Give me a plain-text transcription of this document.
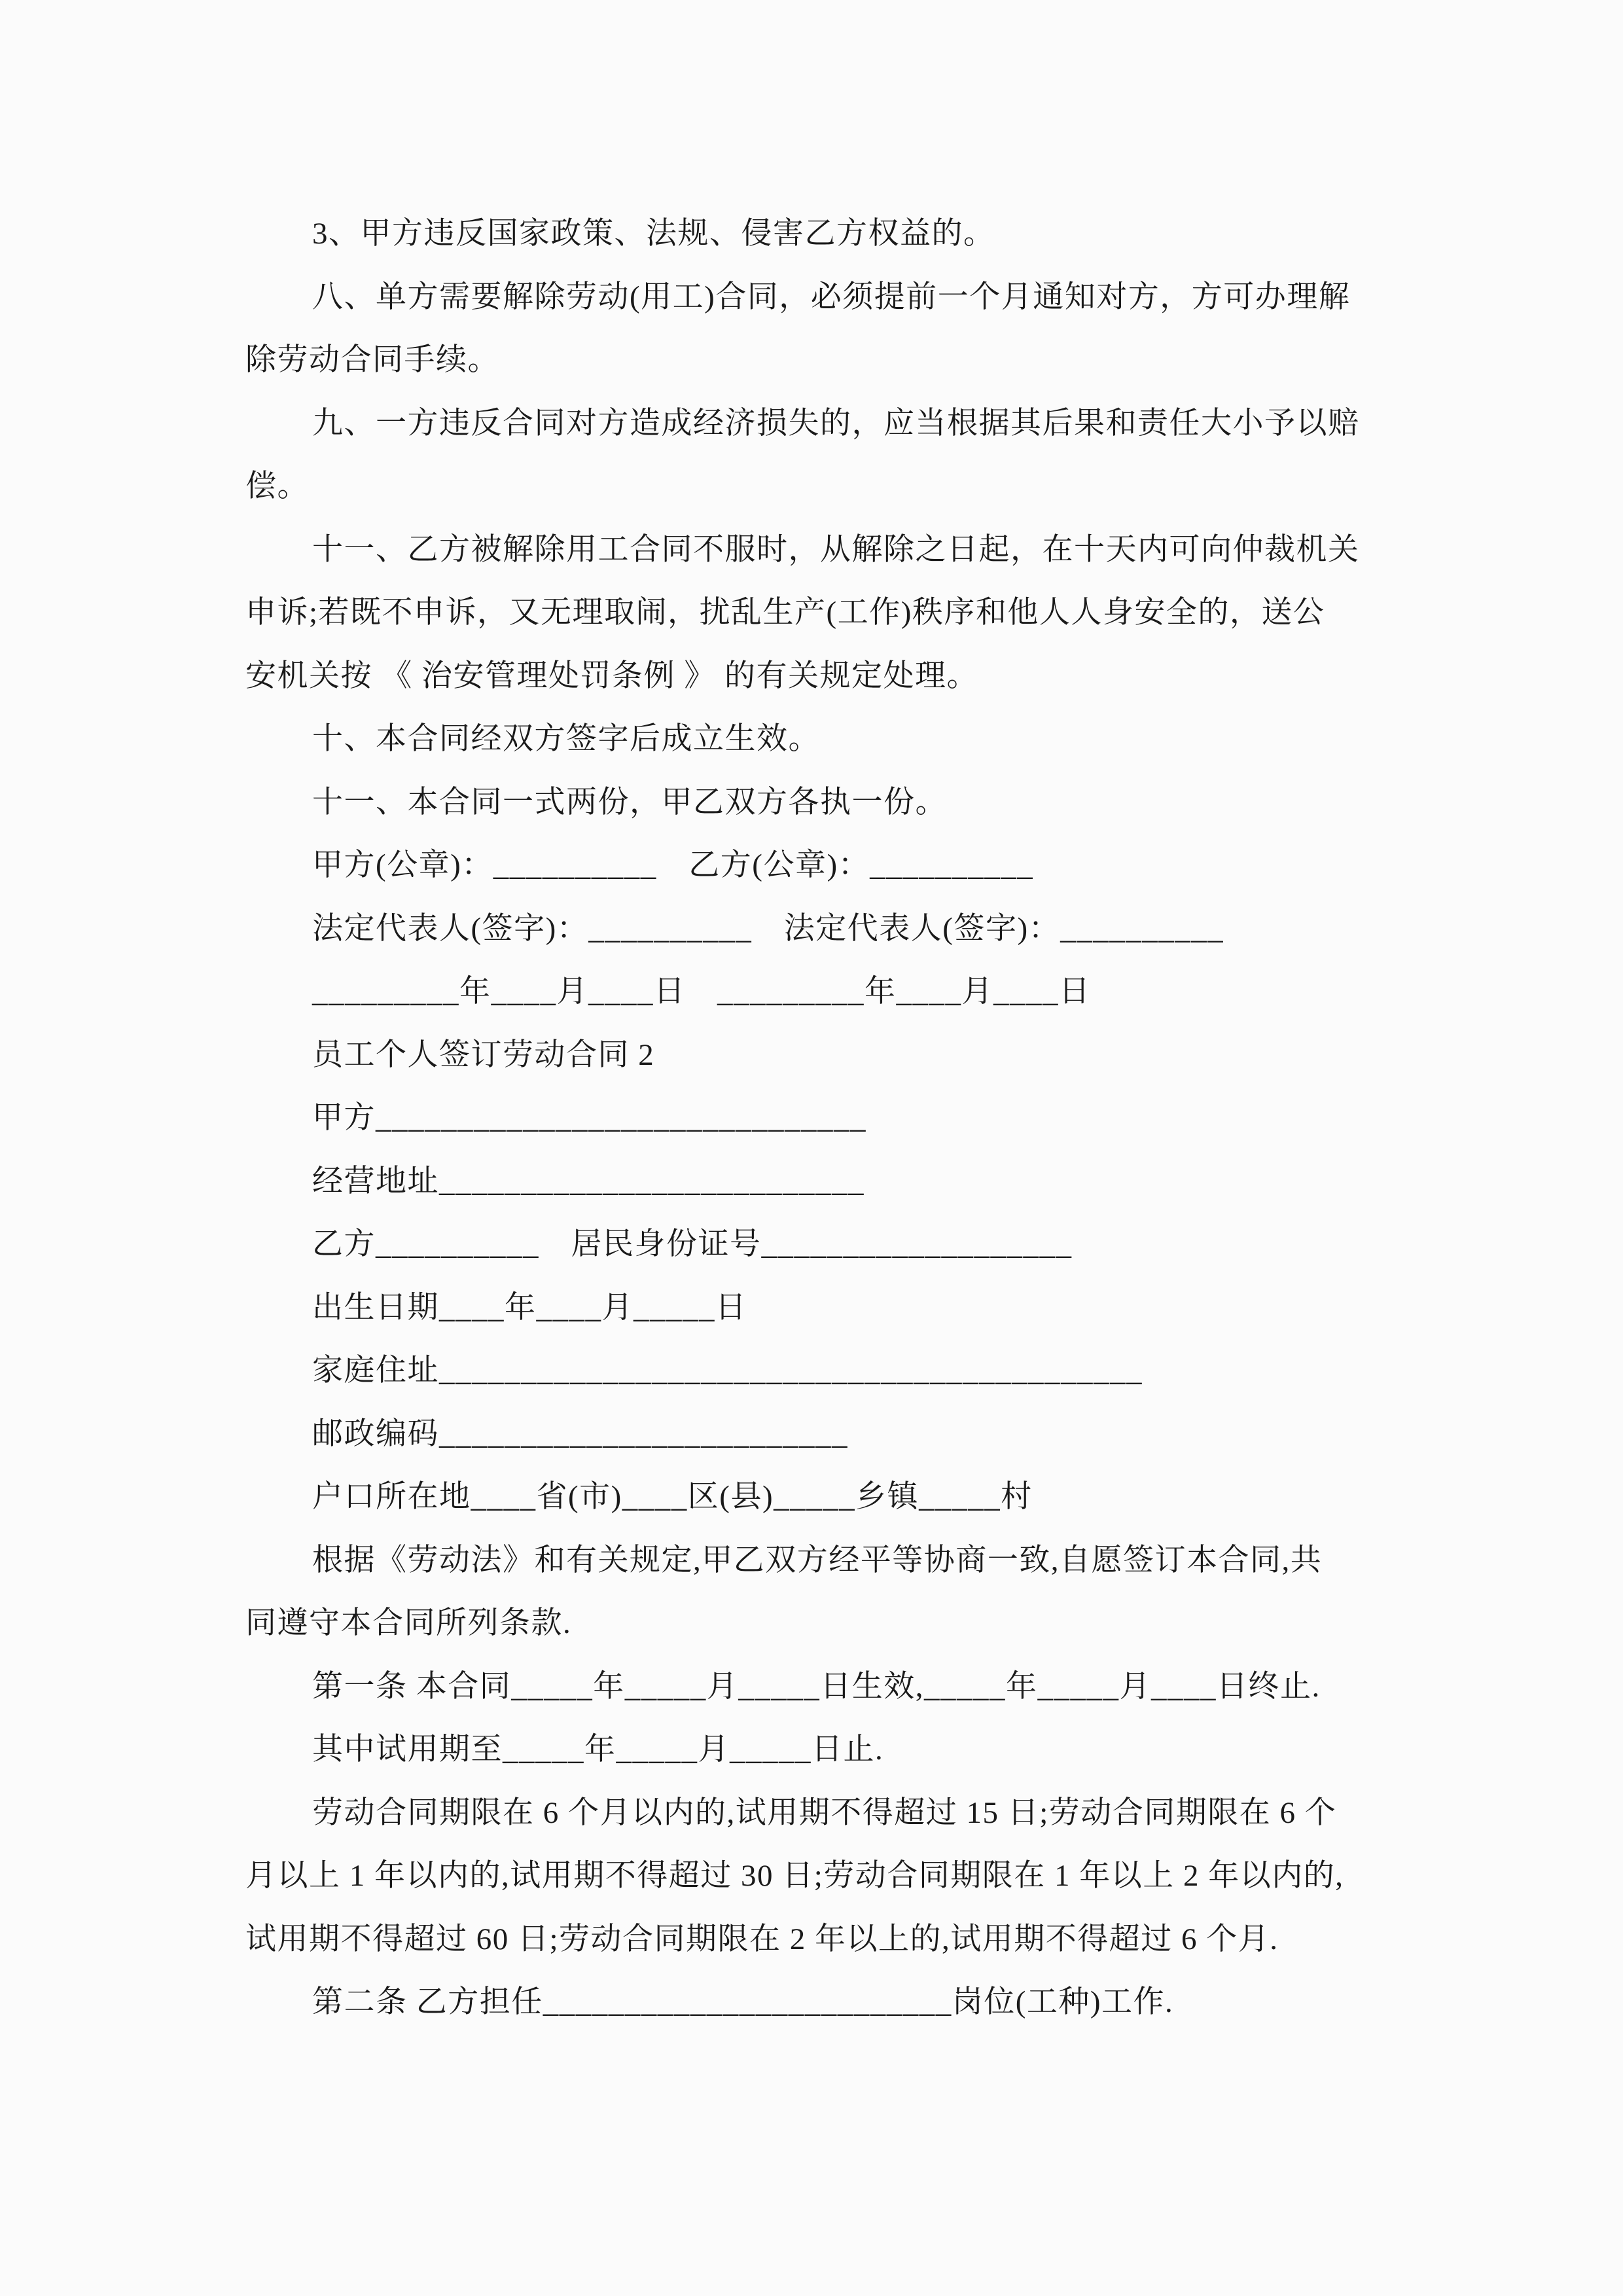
3、甲方违反国家政策、法规、侵害乙方权益的。

八、单方需要解除劳动(用工)合同，必须提前一个月通知对方，方可办理解

除劳动合同手续。

九、一方违反合同对方造成经济损失的，应当根据其后果和责任大小予以赔

偿。

十一、乙方被解除用工合同不服时，从解除之日起，在十天内可向仲裁机关

申诉;若既不申诉，又无理取闹，扰乱生产(工作)秩序和他人人身安全的，送公

安机关按 《 治安管理处罚条例 》 的有关规定处理。

十、本合同经双方签字后成立生效。

十一、本合同一式两份，甲乙双方各执一份。

甲方(公章)：__________　乙方(公章)：__________

法定代表人(签字)：__________　法定代表人(签字)：__________

_________年____月____日　_________年____月____日

员工个人签订劳动合同 2

甲方______________________________

经营地址__________________________

乙方__________　居民身份证号___________________

出生日期____年____月_____日

家庭住址___________________________________________

邮政编码_________________________

户口所在地____省(市)____区(县)_____乡镇_____村

根据《劳动法》和有关规定,甲乙双方经平等协商一致,自愿签订本合同,共

同遵守本合同所列条款.

第一条 本合同_____年_____月_____日生效,_____年_____月____日终止.

其中试用期至_____年_____月_____日止.

劳动合同期限在 6 个月以内的,试用期不得超过 15 日;劳动合同期限在 6 个

月以上 1 年以内的,试用期不得超过 30 日;劳动合同期限在 1 年以上 2 年以内的,

试用期不得超过 60 日;劳动合同期限在 2 年以上的,试用期不得超过 6 个月.

第二条 乙方担任_________________________岗位(工种)工作.
